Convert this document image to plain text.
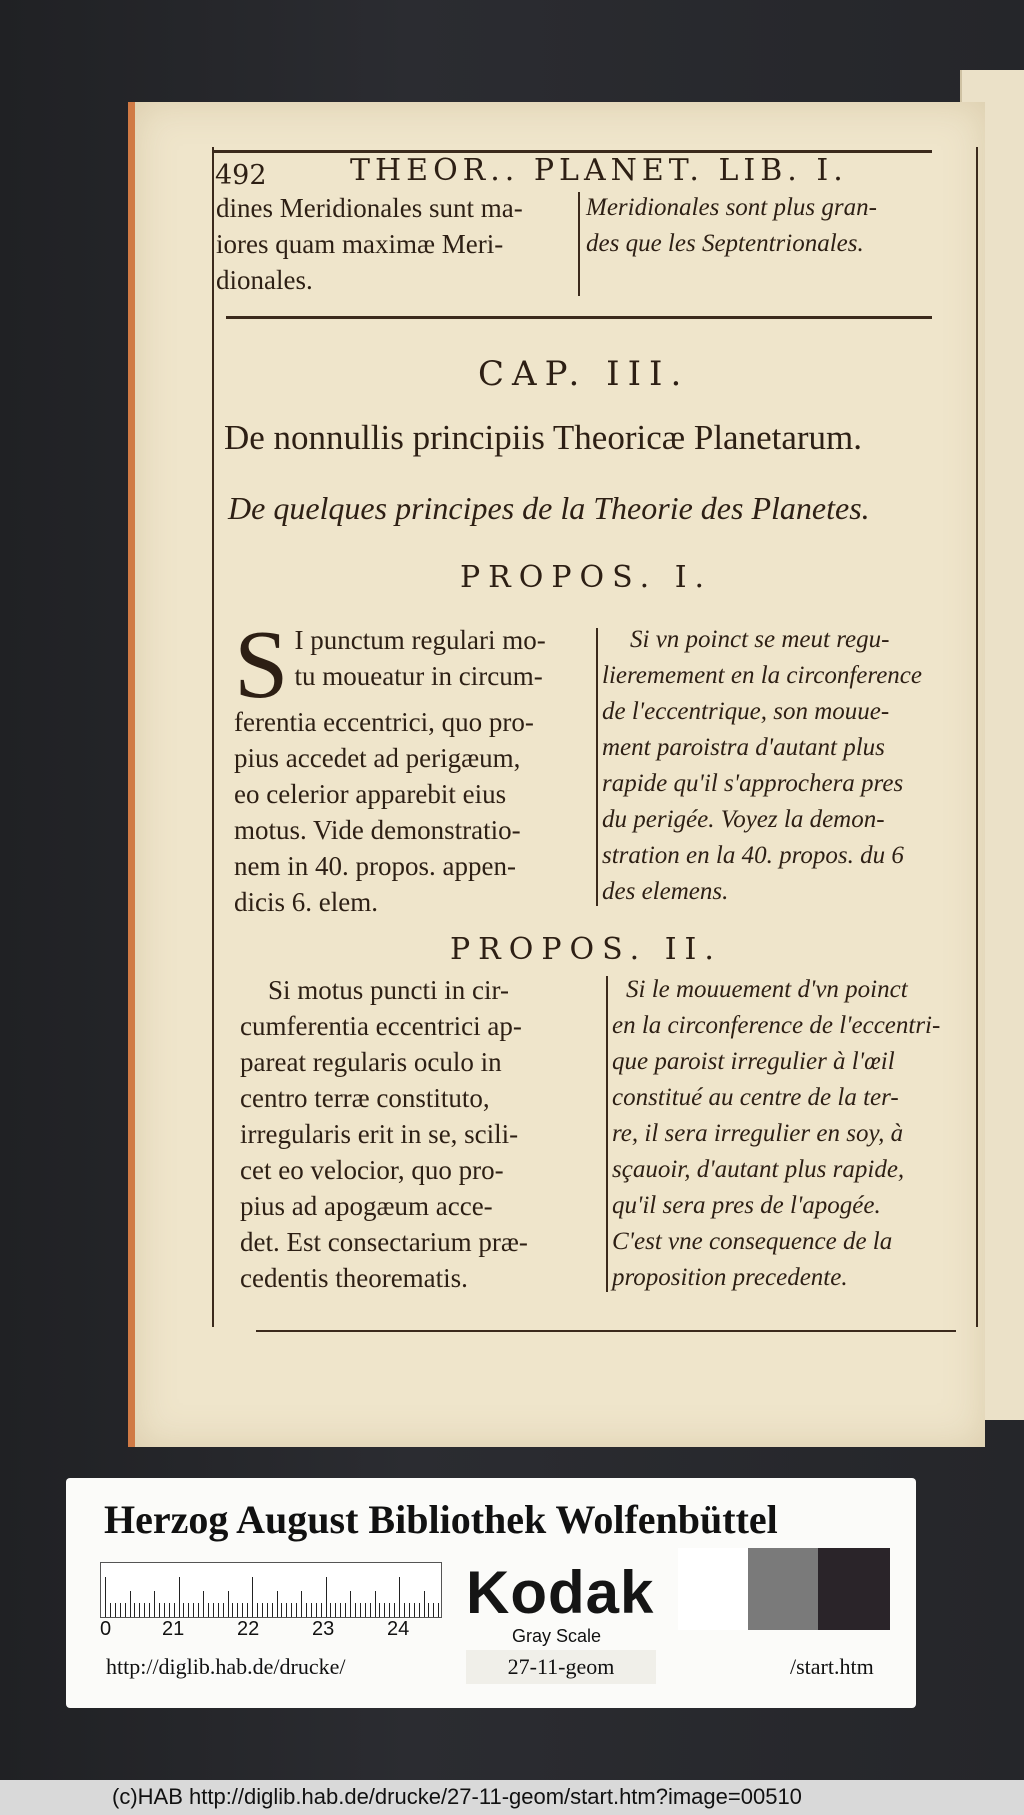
492	THEOR.. PLANET. LIB. I.

dines Meridionales sunt ma-

iores quam maximæ Meri-

dionales.

Meridionales sont plus gran-

des que les Septentrionales.

CAP. III.
De nonnullis principiis Theoricæ Planetarum.
De quelques principes de la Theorie des Planetes.
PROPOS. I.
S I punctum regulari mo-

tu moueatur in circum-

ferentia eccentrici, quo pro-

pius accedet ad perigæum,

eo celerior apparebit eius

motus. Vide demonstratio-

nem in 40. propos. appen-

dicis 6. elem.

Si vn poinct se meut regu-

lieremement en la circonference

de l'eccentrique, son mouue-

ment paroistra d'autant plus

rapide qu'il s'approchera pres

du perigée. Voyez la demon-

stration en la 40. propos. du 6

des elemens.

PROPOS. II.

Si motus puncti in cir-

cumferentia eccentrici ap-

pareat regularis oculo in

centro terræ constituto,

irregularis erit in se, scili-

cet eo velocior, quo pro-

pius ad apogæum acce-

det. Est consectarium præ-

cedentis theorematis.

Si le mouuement d'vn poinct

en la circonference de l'eccentri-

que paroist irregulier à l'œil

constitué au centre de la ter-

re, il sera irregulier en soy, à

sçauoir, d'autant plus rapide,

qu'il sera pres de l'apogée.

C'est vne consequence de la

proposition precedente.

Herzog August Bibliothek Wolfenbüttel
0	21	22	23	24
Kodak
Gray Scale
http://diglib.hab.de/drucke/	27-11-geom	/start.htm
(c)HAB http://diglib.hab.de/drucke/27-11-geom/start.htm?image=00510
